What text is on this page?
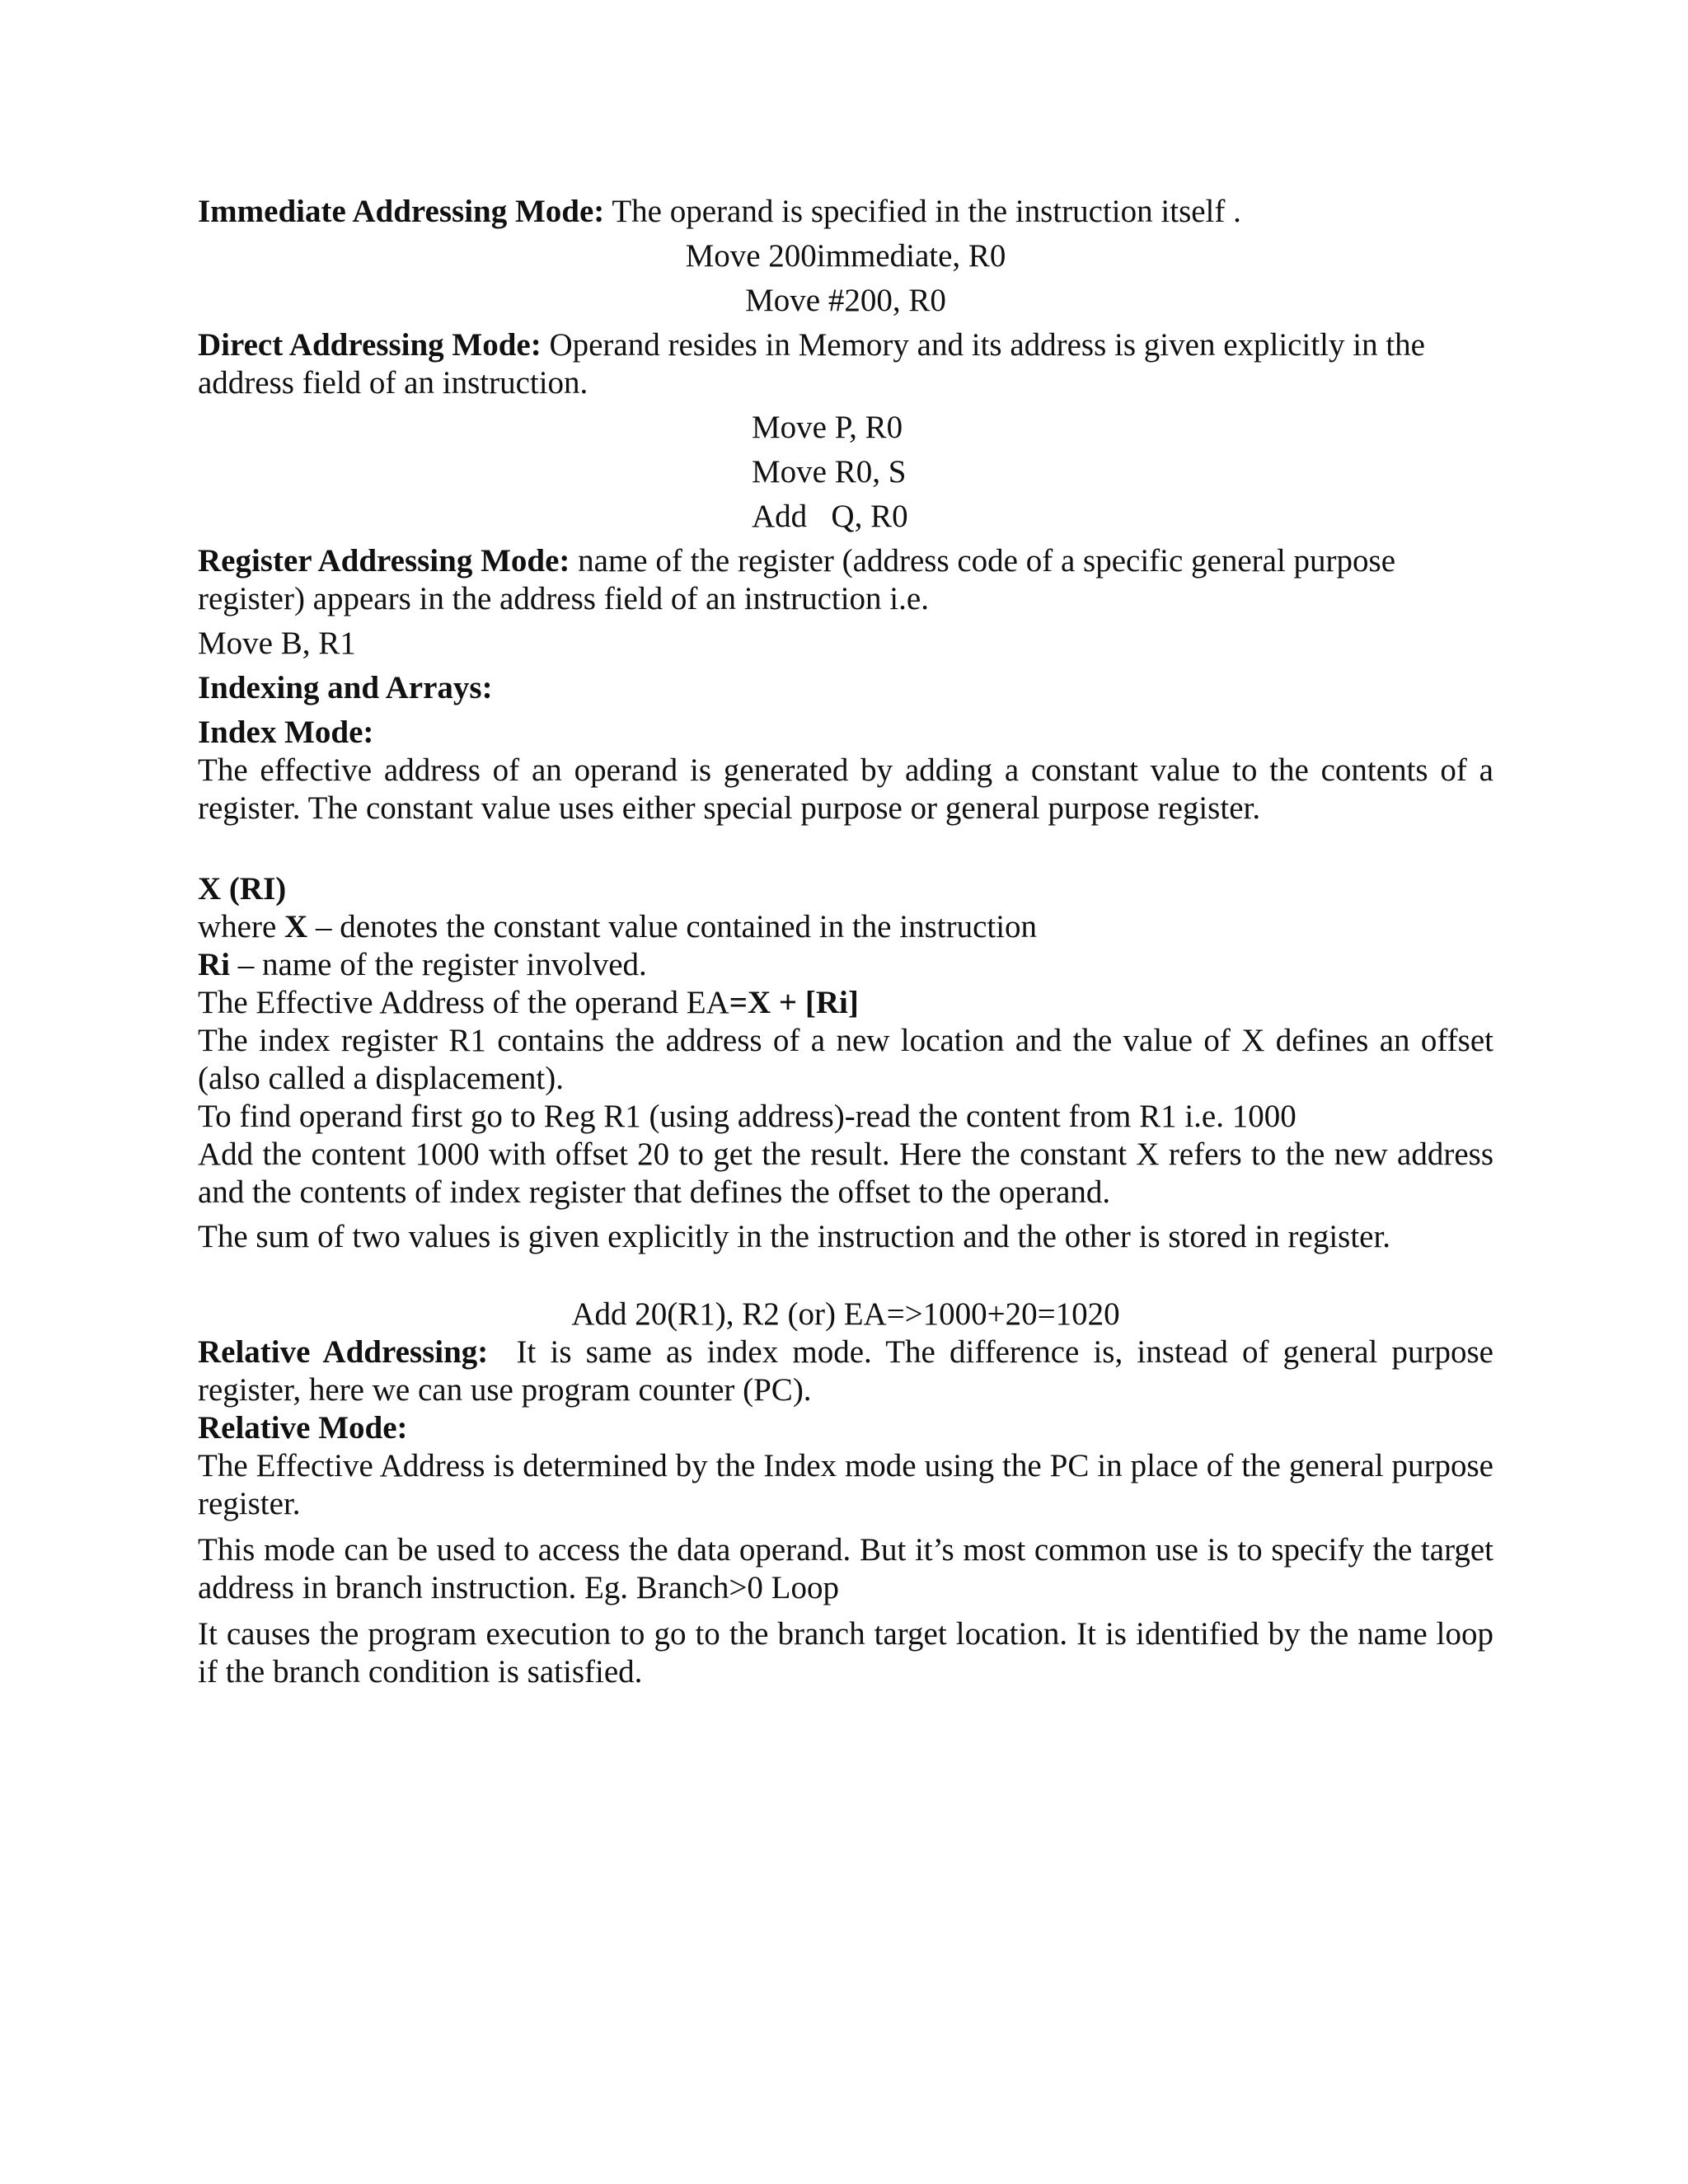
Immediate Addressing Mode: The operand is specified in the instruction itself .

Move 200immediate, R0

Move #200, R0

Direct Addressing Mode: Operand resides in Memory and its address is given explicitly in the address field of an instruction.

Move P, R0

Move R0, S

Add   Q, R0

Register Addressing Mode: name of the register (address code of a specific general purpose register) appears in the address field of an instruction i.e.

Move B, R1

Indexing and Arrays:

Index Mode:

The effective address of an operand is generated by adding a constant value to the contents of a register. The constant value uses either special purpose or general purpose register.

X (RI)

where X – denotes the constant value contained in the instruction

Ri – name of the register involved.

The Effective Address of the operand EA=X + [Ri]

The index register R1 contains the address of a new location and the value of X defines an offset (also called a displacement).

To find operand first go to Reg R1 (using address)-read the content from R1 i.e. 1000

Add the content 1000 with offset 20 to get the result. Here the constant X refers to the new address and the contents of index register that defines the offset to the operand.

The sum of two values is given explicitly in the instruction and the other is stored in register.

Add 20(R1), R2 (or) EA=>1000+20=1020

Relative Addressing:  It is same as index mode. The difference is, instead of general purpose register, here we can use program counter (PC).

Relative Mode:

The Effective Address is determined by the Index mode using the PC in place of the general purpose register.

This mode can be used to access the data operand. But it’s most common use is to specify the target address in branch instruction. Eg. Branch>0 Loop

It causes the program execution to go to the branch target location. It is identified by the name loop if the branch condition is satisfied.
